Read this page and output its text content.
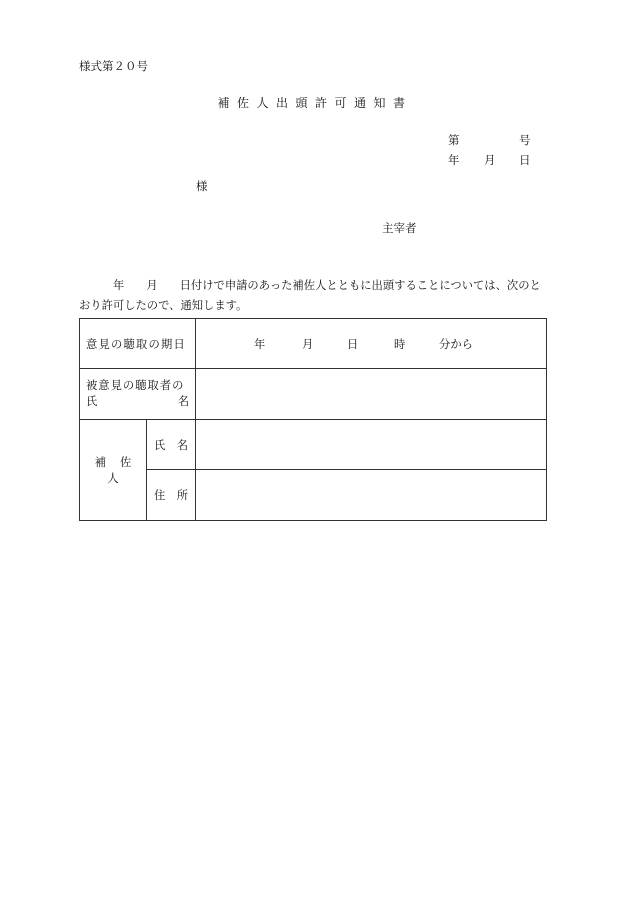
様式第２０号
補佐人出頭許可通知書
第	号
年 月 日
様
主宰者
年 月 日付けで申請のあった補佐人とともに出頭することについては、次のとおり許可したので、通知します。
意見の聴取の期日		年 月 日 時 分から

被意見の聴取者の
氏 名		

補佐人	氏 名	

	住 所	
